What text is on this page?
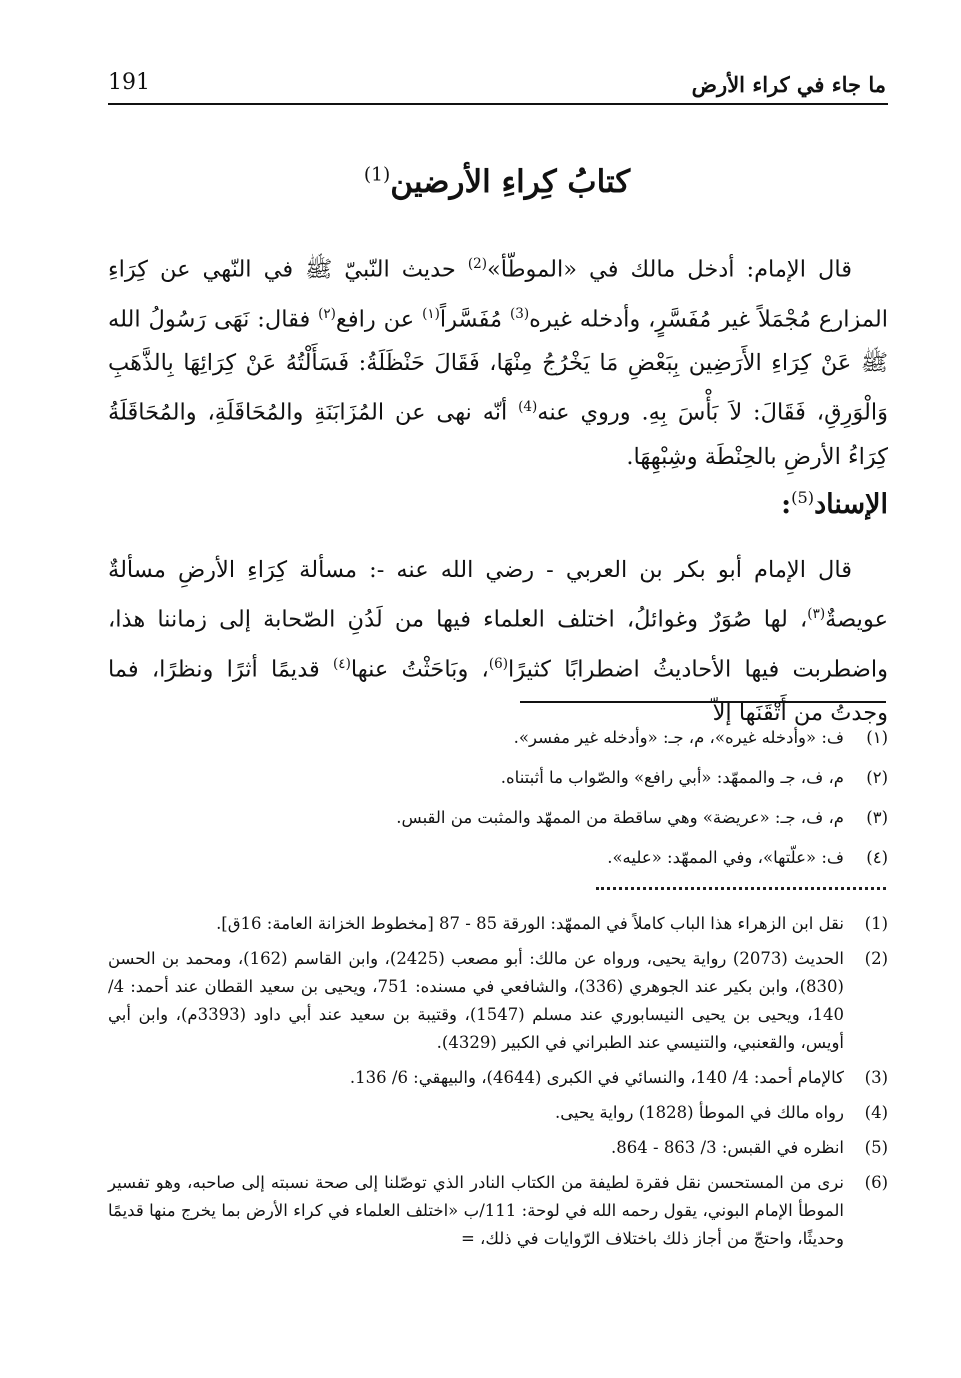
ما جاء في كراء الأرض
191
كتابُ كِراءِ الأرضين$^{(1)}$
قال الإمام: أدخل مالك في «الموطّأ»$^{(2)}$ حديث النّبيّ ﷺ في النّهي عن كِرَاءِ المزارع مُجْمَلاً غير مُفَسَّرٍ، وأدخله غيره$^{(3)}$ مُفَسَّراً$^{(١)}$ عن رافع$^{(٢)}$ فقال: نَهَى رَسُولُ الله ﷺ عَنْ كِرَاءِ الأَرَضِين بِبَعْضِ مَا يَخْرُجُ مِنْهَا، فَقَالَ حَنْظَلَةُ: فَسَأَلْتُهُ عَنْ كِرَائِهَا بِالذَّهَبِ وَالْوَرِقِ، فَقَالَ: لاَ بَأْسَ بِهِ. وروي عنه$^{(4)}$ أنّه نهى عن المُزَابَنَةِ والمُحَاقَلَةِ، والمُحَاقَلَةُ كِرَاءُ الأرضِ بالحِنْطَة وشِبْهِهَا.
الإسناد$^{(5)}$:
قال الإمام أبو بكر بن العربي - رضي الله عنه -: مسألة كِرَاءِ الأرضِ مسألةٌ عويصةٌ$^{(٣)}$، لها صُوَرٌ وغوائلُ، اختلف العلماء فيها من لَدُنِ الصّحابة إلى زماننا هذا، واضطربت فيها الأحاديثُ اضطرابًا كثيرًا$^{(6)}$، وبَاحَثْتُ عنها$^{(٤)}$ قديمًا أثرًا ونظرًا، فما وجدتُ من أَتْقَنَها إلاّ
(١)
ف: «وأدخله غيره»، م، جـ: «وأدخله غير مفسر».
(٢)
م، ف، جـ والممهّد: «أبي رافع» والصّواب ما أثبتناه.
(٣)
م، ف، جـ: «عريضة» وهي ساقطة من الممهّد والمثبت من القبس.
(٤)
ف: «علّتها»، وفي الممهّد: «عليه».
(1)
نقل ابن الزهراء هذا الباب كاملاً في الممهّد: الورقة 85 - 87 [مخطوط الخزانة العامة: 16ق].
(2)
الحديث (2073) رواية يحيى، ورواه عن مالك: أبو مصعب (2425)، وابن القاسم (162)، ومحمد بن الحسن (830)، وابن بكير عند الجوهري (336)، والشافعي في مسنده: 751، ويحيى بن سعيد القطان عند أحمد: 4/ 140، ويحيى بن يحيى النيسابوري عند مسلم (1547)، وقتيبة بن سعيد عند أبي داود (3393م)، وابن أبي أويس، والقعنبي، والتنيسي عند الطبراني في الكبير (4329).
(3)
كالإمام أحمد: 4/ 140، والنسائي في الكبرى (4644)، والبيهقي: 6/ 136.
(4)
رواه مالك في الموطأ (1828) رواية يحيى.
(5)
انظره في القبس: 3/ 863 - 864.
(6)
نرى من المستحسن نقل فقرة لطيفة من الكتاب النادر الذي توصّلنا إلى صحة نسبته إلى صاحبه، وهو تفسير الموطأ الإمام البوني، يقول رحمه الله في لوحة: 111/ب «اختلف العلماء في كراء الأرض بما يخرج منها قديمًا وحديثًا، واحتجّ من أجاز ذلك باختلاف الرّوايات في ذلك، =
